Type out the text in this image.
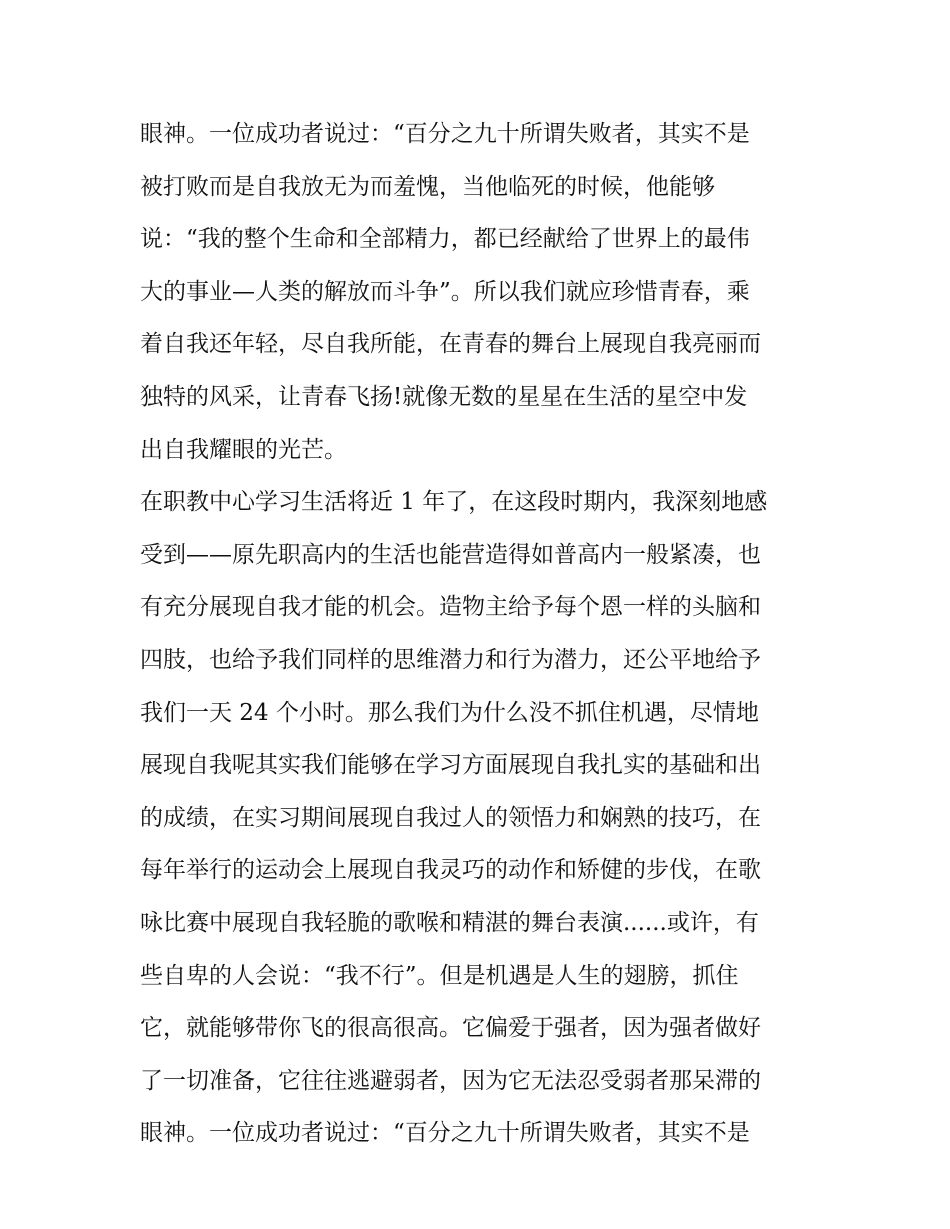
眼神。一位成功者说过：“百分之九十所谓失败者，其实不是
被打败而是自我放无为而羞愧，当他临死的时候，他能够
说：“我的整个生命和全部精力，都已经献给了世界上的最伟
大的事业—人类的解放而斗争”。所以我们就应珍惜青春，乘
着自我还年轻，尽自我所能，在青春的舞台上展现自我亮丽而
独特的风采，让青春飞扬!就像无数的星星在生活的星空中发
出自我耀眼的光芒。
在职教中心学习生活将近 1 年了，在这段时期内，我深刻地感
受到——原先职高内的生活也能营造得如普高内一般紧凑，也
有充分展现自我才能的机会。造物主给予每个恩一样的头脑和
四肢，也给予我们同样的思维潜力和行为潜力，还公平地给予
我们一天 24 个小时。那么我们为什么没不抓住机遇，尽情地
展现自我呢其实我们能够在学习方面展现自我扎实的基础和出
的成绩，在实习期间展现自我过人的领悟力和娴熟的技巧，在
每年举行的运动会上展现自我灵巧的动作和矫健的步伐，在歌
咏比赛中展现自我轻脆的歌喉和精湛的舞台表演......或许，有
些自卑的人会说：“我不行”。但是机遇是人生的翅膀，抓住
它，就能够带你飞的很高很高。它偏爱于强者，因为强者做好
了一切准备，它往往逃避弱者，因为它无法忍受弱者那呆滞的
眼神。一位成功者说过：“百分之九十所谓失败者，其实不是
